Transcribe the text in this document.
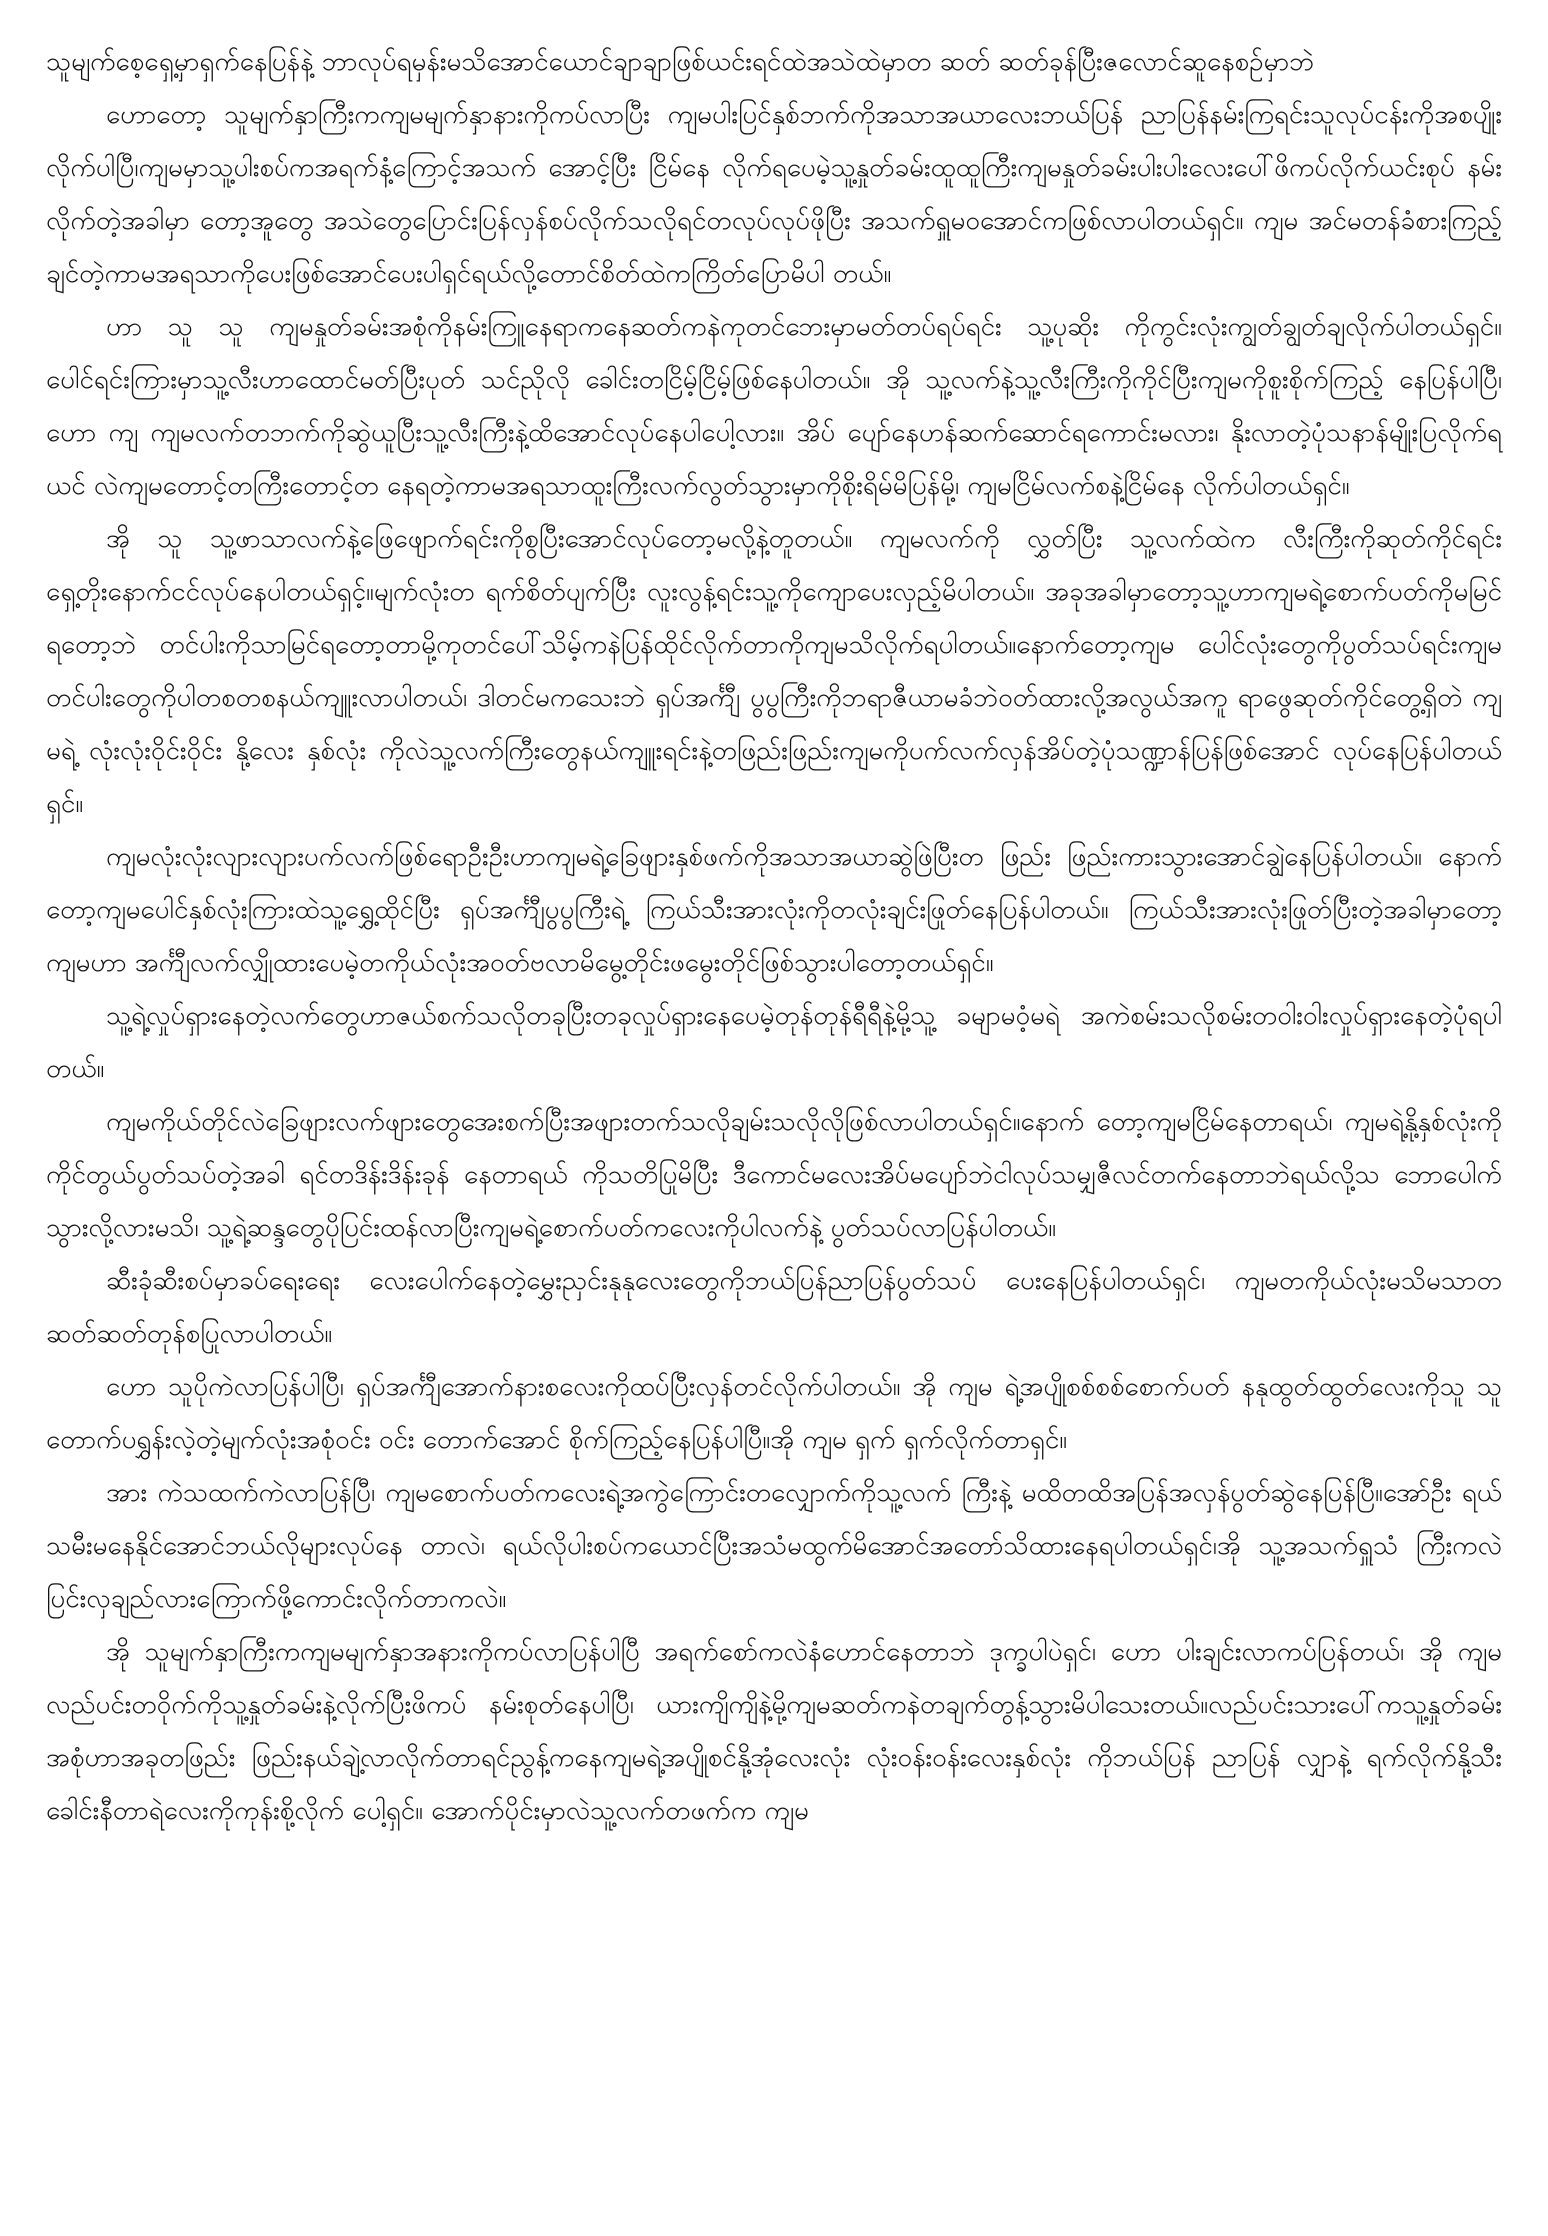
သူမျက်စေ့ရှေ့မှာရှက်နေပြန်နဲ့ ဘာလုပ်ရမှန်းမသိအောင်ယောင်ချာချာဖြစ်ယင်းရင်ထဲအသဲထဲမှာတ ဆတ် ဆတ်ခုန်ပြီးဇလောင်ဆူနေစဉ်မှာဘဲ

ဟောတော့ သူမျက်နှာကြီးကကျမမျက်နှာနားကိုကပ်လာပြီး ကျမပါးပြင်နှစ်ဘက်ကိုအသာအယာလေးဘယ်ပြန် ညာပြန်နမ်းကြရင်းသူလုပ်ငန်းကိုအစပျိုးလိုက်ပါပြီ၊ကျမမှာသူ့ပါးစပ်ကအရက်နံ့ကြောင့်အသက် အောင့်ပြီး ငြိမ်နေ လိုက်ရပေမဲ့သူ့နှုတ်ခမ်းထူထူကြီးကျမနှုတ်ခမ်းပါးပါးလေးပေါ်ဖိကပ်လိုက်ယင်းစုပ် နမ်းလိုက်တဲ့အခါမှာ တော့အူတွေ အသဲတွေပြောင်းပြန်လှန်စပ်လိုက်သလိုရင်တလုပ်လုပ်ဖိုပြီး အသက်ရှူမဝအောင်ကဖြစ်လာပါတယ်ရှင်။ ကျမ အင်မတန်ခံစားကြည့်ချင်တဲ့ကာမအရသာကိုပေးဖြစ်အောင်ပေးပါရှင်ရယ်လို့တောင်စိတ်ထဲကကြိတ်ပြောမိပါ တယ်။

ဟာ သူ သူ ကျမနှုတ်ခမ်းအစုံကိုနမ်းကြူနေရာကနေဆတ်ကနဲကုတင်ဘေးမှာမတ်တပ်ရပ်ရင်း သူ့ပုဆိုး ကိုကွင်းလုံးကျွတ်ချွတ်ချလိုက်ပါတယ်ရှင်။ ပေါင်ရင်းကြားမှာသူ့လီးဟာထောင်မတ်ပြီးပုတ် သင်ညိုလို ခေါင်းတငြိမ့်ငြိမ့်ဖြစ်နေပါတယ်။ အို သူ့လက်နဲ့သူ့လီးကြီးကိုကိုင်ပြီးကျမကိုစူးစိုက်ကြည့် နေပြန်ပါပြီ၊ ဟော ကျ ကျမလက်တဘက်ကိုဆွဲယူပြီးသူ့လီးကြီးနဲ့ထိအောင်လုပ်နေပါပေါ့လား။ အိပ် ပျော်နေဟန်ဆက်ဆောင်ရကောင်းမလား၊ နိုးလာတဲ့ပုံသနာန်မျိုးပြလိုက်ရယင် လဲကျမတောင့်တကြီးတောင့်တ နေရတဲ့ကာမအရသာထူးကြီးလက်လွတ်သွားမှာကိုစိုးရိမ်မိပြန်မို့၊ ကျမငြိမ်လက်စနဲ့ငြိမ်နေ လိုက်ပါတယ်ရှင်။

အို သူ သူ့ဖာသာလက်နဲ့ဖြေဖျောက်ရင်းကိုစွပြီးအောင်လုပ်တော့မလို့နဲ့တူတယ်။ ကျမလက်ကို လွှတ်ပြီး သူ့လက်ထဲက လီးကြီးကိုဆုတ်ကိုင်ရင်းရှေ့တိုးနောက်ငင်လုပ်နေပါတယ်ရှင့်။မျက်လုံးတ ရက်စိတ်ပျက်ပြီး လူးလွန့်ရင်းသူ့ကိုကျောပေးလှည့်မိပါတယ်။ အခုအခါမှာတော့သူ့ဟာကျမရဲ့စောက်ပတ်ကိုမမြင်ရတော့ဘဲ တင်ပါးကိုသာမြင်ရတော့တာမို့ကုတင်ပေါ်သိမ့်ကနဲပြန်ထိုင်လိုက်တာကိုကျမသိလိုက်ရပါတယ်။နောက်တော့ကျမ ပေါင်လုံးတွေကိုပွတ်သပ်ရင်းကျမတင်ပါးတွေကိုပါတစတစနယ်ကျူးလာပါတယ်၊ ဒါတင်မကသေးဘဲ ရှပ်အင်္ကျီ ပွပွကြီးကိုဘရာဇီယာမခံဘဲဝတ်ထားလို့အလွယ်အကူ ရာဖွေဆုတ်ကိုင်တွေ့ရှိတဲ ကျမရဲ့ လုံးလုံးဝိုင်းဝိုင်း နို့လေး နှစ်လုံး ကိုလဲသူ့လက်ကြီးတွေနယ်ကျူးရင်းနဲ့တဖြည်းဖြည်းကျမကိုပက်လက်လှန်အိပ်တဲ့ပုံသဏ္ဍာန်ပြန်ဖြစ်အောင် လုပ်နေပြန်ပါတယ်ရှင်။

ကျမလုံးလုံးလျားလျားပက်လက်ဖြစ်ရောဦးဦးဟာကျမရဲ့ခြေဖျားနှစ်ဖက်ကိုအသာအယာဆွဲဖြဲပြီးတ ဖြည်း ဖြည်းကားသွားအောင်ချွဲနေပြန်ပါတယ်။ နောက်တော့ကျမပေါင်နှစ်လုံးကြားထဲသူ့ရွှေ့ထိုင်ပြီး ရှပ်အင်္ကျီပွပွကြီးရဲ့ ကြယ်သီးအားလုံးကိုတလုံးချင်းဖြုတ်နေပြန်ပါတယ်။ ကြယ်သီးအားလုံးဖြုတ်ပြီးတဲ့အခါမှာတော့ ကျမဟာ အင်္ကျီလက်လျှိုထားပေမဲ့တကိုယ်လုံးအဝတ်ဗလာမိမွေ့တိုင်းဖမွေးတိုင်ဖြစ်သွားပါတော့တယ်ရှင်။

သူ့ရဲ့လှုပ်ရှားနေတဲ့လက်တွေဟာဇယ်စက်သလိုတခုပြီးတခုလှုပ်ရှားနေပေမဲ့တုန်တုန်ရီရီနဲ့မို့သူ့ ခမျာမဝံ့မရဲ အကဲစမ်းသလိုစမ်းတဝါးဝါးလှုပ်ရှားနေတဲ့ပုံရပါတယ်။

ကျမကိုယ်တိုင်လဲခြေဖျားလက်ဖျားတွေအေးစက်ပြီးအဖျားတက်သလိုချမ်းသလိုလိုဖြစ်လာပါတယ်ရှင်။နောက် တော့ကျမငြိမ်နေတာရယ်၊ ကျမရဲ့နို့နှစ်လုံးကိုကိုင်တွယ်ပွတ်သပ်တဲ့အခါ ရင်တဒိန်းဒိန်းခုန် နေတာရယ် ကိုသတိပြုမိပြီး ဒီကောင်မလေးအိပ်မပျော်ဘဲငါလုပ်သမျှဇီလင်တက်နေတာဘဲရယ်လို့သ ဘောပေါက် သွားလို့လားမသိ၊ သူ့ရဲ့ဆန္ဒတွေပိုပြင်းထန်လာပြီးကျမရဲ့စောက်ပတ်ကလေးကိုပါလက်နဲ့ ပွတ်သပ်လာပြန်ပါတယ်။

ဆီးခုံဆီးစပ်မှာခပ်ရေးရေး လေးပေါက်နေတဲ့မွှေးညှင်းနုနုလေးတွေကိုဘယ်ပြန်ညာပြန်ပွတ်သပ် ပေးနေပြန်ပါတယ်ရှင်၊ ကျမတကိုယ်လုံးမသိမသာတဆတ်ဆတ်တုန်စပြုလာပါတယ်။

ဟော သူပိုကဲလာပြန်ပါပြီ၊ ရှပ်အင်္ကျီအောက်နားစလေးကိုထပ်ပြီးလှန်တင်လိုက်ပါတယ်။ အို ကျမ ရဲ့အပျိုစစ်စစ်စောက်ပတ် နနုထွတ်ထွတ်လေးကိုသူ သူ တောက်ပရွှန်းလဲ့တဲ့မျက်လုံးအစုံဝင်း ဝင်း တောက်အောင် စိုက်ကြည့်နေပြန်ပါပြီ။အို ကျမ ရှက် ရှက်လိုက်တာရှင်။

အား ကဲသထက်ကဲလာပြန်ပြီ၊ ကျမစောက်ပတ်ကလေးရဲ့အကွဲကြောင်းတလျှောက်ကိုသူ့လက် ကြီးနဲ့ မထိတထိအပြန်အလှန်ပွတ်ဆွဲနေပြန်ပြီ။အော်ဦး ရယ်သမီးမနေနိုင်အောင်ဘယ်လိုများလုပ်နေ တာလဲ၊ ရယ်လိုပါးစပ်ကယောင်ပြီးအသံမထွက်မိအောင်အတော်သိထားနေရပါတယ်ရှင်၊အို သူ့အသက်ရှူသံ ကြီးကလဲပြင်းလှချည်လားကြောက်ဖို့ကောင်းလိုက်တာကလဲ။

အို သူမျက်နှာကြီးကကျမမျက်နှာအနားကိုကပ်လာပြန်ပါပြီ အရက်စော်ကလဲနံဟောင်နေတာဘဲ ဒုက္ခပါပဲရှင်၊ ဟော ပါးချင်းလာကပ်ပြန်တယ်၊ အို ကျမလည်ပင်းတဝိုက်ကိုသူ့နှုတ်ခမ်းနဲ့လိုက်ပြီးဖိကပ် နမ်းစုတ်နေပါပြီ၊ ယားကျိကျိနဲ့မို့ကျမဆတ်ကနဲတချက်တွန့်သွားမိပါသေးတယ်။လည်ပင်းသားပေါ်ကသူ့နှုတ်ခမ်းအစုံဟာအခုတဖြည်း ဖြည်းနယ်ချဲ့လာလိုက်တာရင်ညွန့်ကနေကျမရဲ့အပျိုစင်နို့အုံလေးလုံး လုံးဝန်းဝန်းလေးနှစ်လုံး ကိုဘယ်ပြန် ညာပြန် လျှာနဲ့ ရက်လိုက်နို့သီးခေါင်းနီတာရဲလေးကိုကုန်းစို့လိုက် ပေါ့ရှင်။ အောက်ပိုင်းမှာလဲသူ့လက်တဖက်က ကျမ
